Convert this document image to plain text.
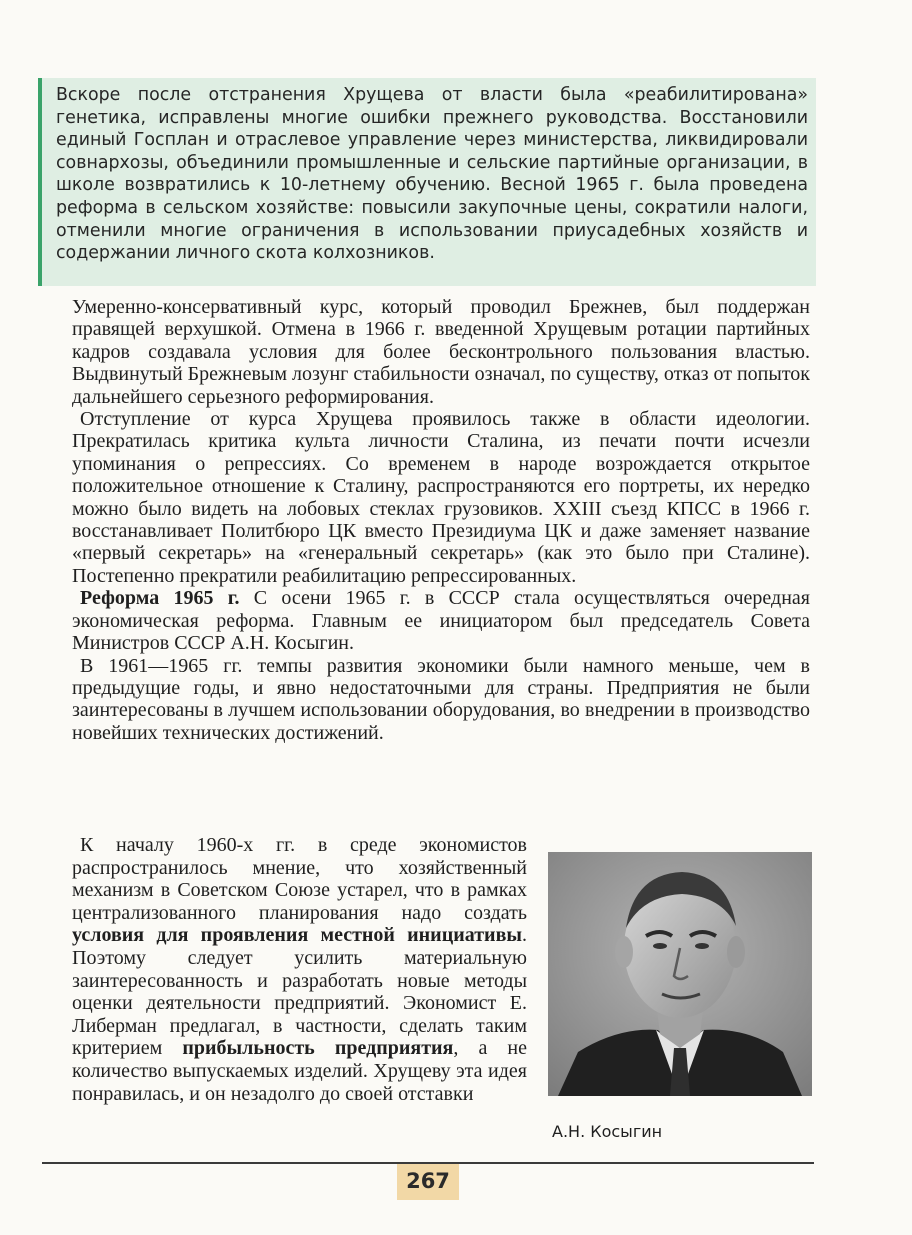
Вскоре после отстранения Хрущева от власти была «реабилитирована» генетика, исправлены многие ошибки прежнего руководства. Восстановили единый Госплан и отраслевое управление через министерства, ликвидировали совнархозы, объединили промышленные и сельские партийные организации, в школе возвратились к 10-летнему обучению. Весной 1965 г. была проведена реформа в сельском хозяйстве: повысили закупочные цены, сократили налоги, отменили многие ограничения в использовании приусадебных хозяйств и содержании личного скота колхозников.

Умеренно-консервативный курс, который проводил Брежнев, был поддержан правящей верхушкой. Отмена в 1966 г. введенной Хрущевым ротации партийных кадров создавала условия для более бесконтрольного пользования властью. Выдвинутый Брежневым лозунг стабильности означал, по существу, отказ от попыток дальнейшего серьезного реформирования.

Отступление от курса Хрущева проявилось также в области идеологии. Прекратилась критика культа личности Сталина, из печати почти исчезли упоминания о репрессиях. Со временем в народе возрождается открытое положительное отношение к Сталину, распространяются его портреты, их нередко можно было видеть на лобовых стеклах грузовиков. XXIII съезд КПСС в 1966 г. восстанавливает Политбюро ЦК вместо Президиума ЦК и даже заменяет название «первый секретарь» на «генеральный секретарь» (как это было при Сталине). Постепенно прекратили реабилитацию репрессированных.

Реформа 1965 г. С осени 1965 г. в СССР стала осуществляться очередная экономическая реформа. Главным ее инициатором был председатель Совета Министров СССР А.Н. Косыгин.

В 1961—1965 гг. темпы развития экономики были намного меньше, чем в предыдущие годы, и явно недостаточными для страны. Предприятия не были заинтересованы в лучшем использовании оборудования, во внедрении в производство новейших технических достижений.

К началу 1960-х гг. в среде экономистов распространилось мнение, что хозяйственный механизм в Советском Союзе устарел, что в рамках централизованного планирования надо создать условия для проявления местной инициативы. Поэтому следует усилить материальную заинтересованность и разработать новые методы оценки деятельности предприятий. Экономист Е. Либерман предлагал, в частности, сделать таким критерием прибыльность предприятия, а не количество выпускаемых изделий. Хрущеву эта идея понравилась, и он незадолго до своей отставки

А.Н. Косыгин
267
